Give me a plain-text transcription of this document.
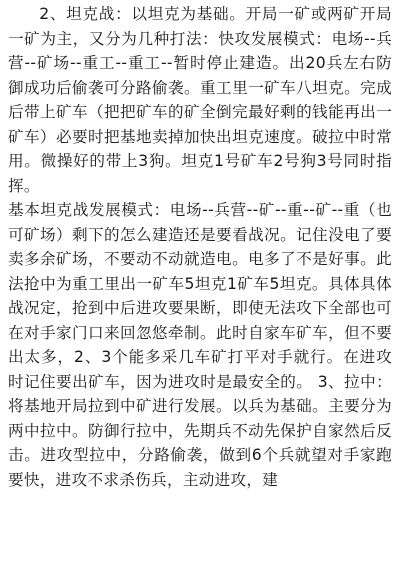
2、坦克战：以坦克为基础。开局一矿或两矿开局一矿为主，又分为几种打法：快攻发展模式：电场--兵营--矿场--重工--重工--暂时停止建造。出20兵左右防御成功后偷袭可分路偷袭。重工里一矿车八坦克。完成后带上矿车（把把矿车的矿全倒完最好剩的钱能再出一矿车）必要时把基地卖掉加快出坦克速度。破拉中时常用。微操好的带上3狗。坦克1号矿车2号狗3号同时指挥。

基本坦克战发展模式：电场--兵营--矿--重--矿--重（也可矿场）剩下的怎么建造还是要看战况。记住没电了要卖多余矿场，不要动不动就造电。电多了不是好事。此法抢中为重工里出一矿车5坦克1矿车5坦克。具体具体战况定，抢到中后进攻要果断，即使无法攻下全部也可在对手家门口来回忽悠牵制。此时自家车矿车，但不要出太多，2、3个能多采几车矿打平对手就行。在进攻时记住要出矿车，因为进攻时是最安全的。 3、拉中：将基地开局拉到中矿进行发展。以兵为基础。主要分为两中拉中。防御行拉中，先期兵不动先保护自家然后反击。进攻型拉中，分路偷袭，做到6个兵就望对手家跑要快，进攻不求杀伤兵，主动进攻，建
